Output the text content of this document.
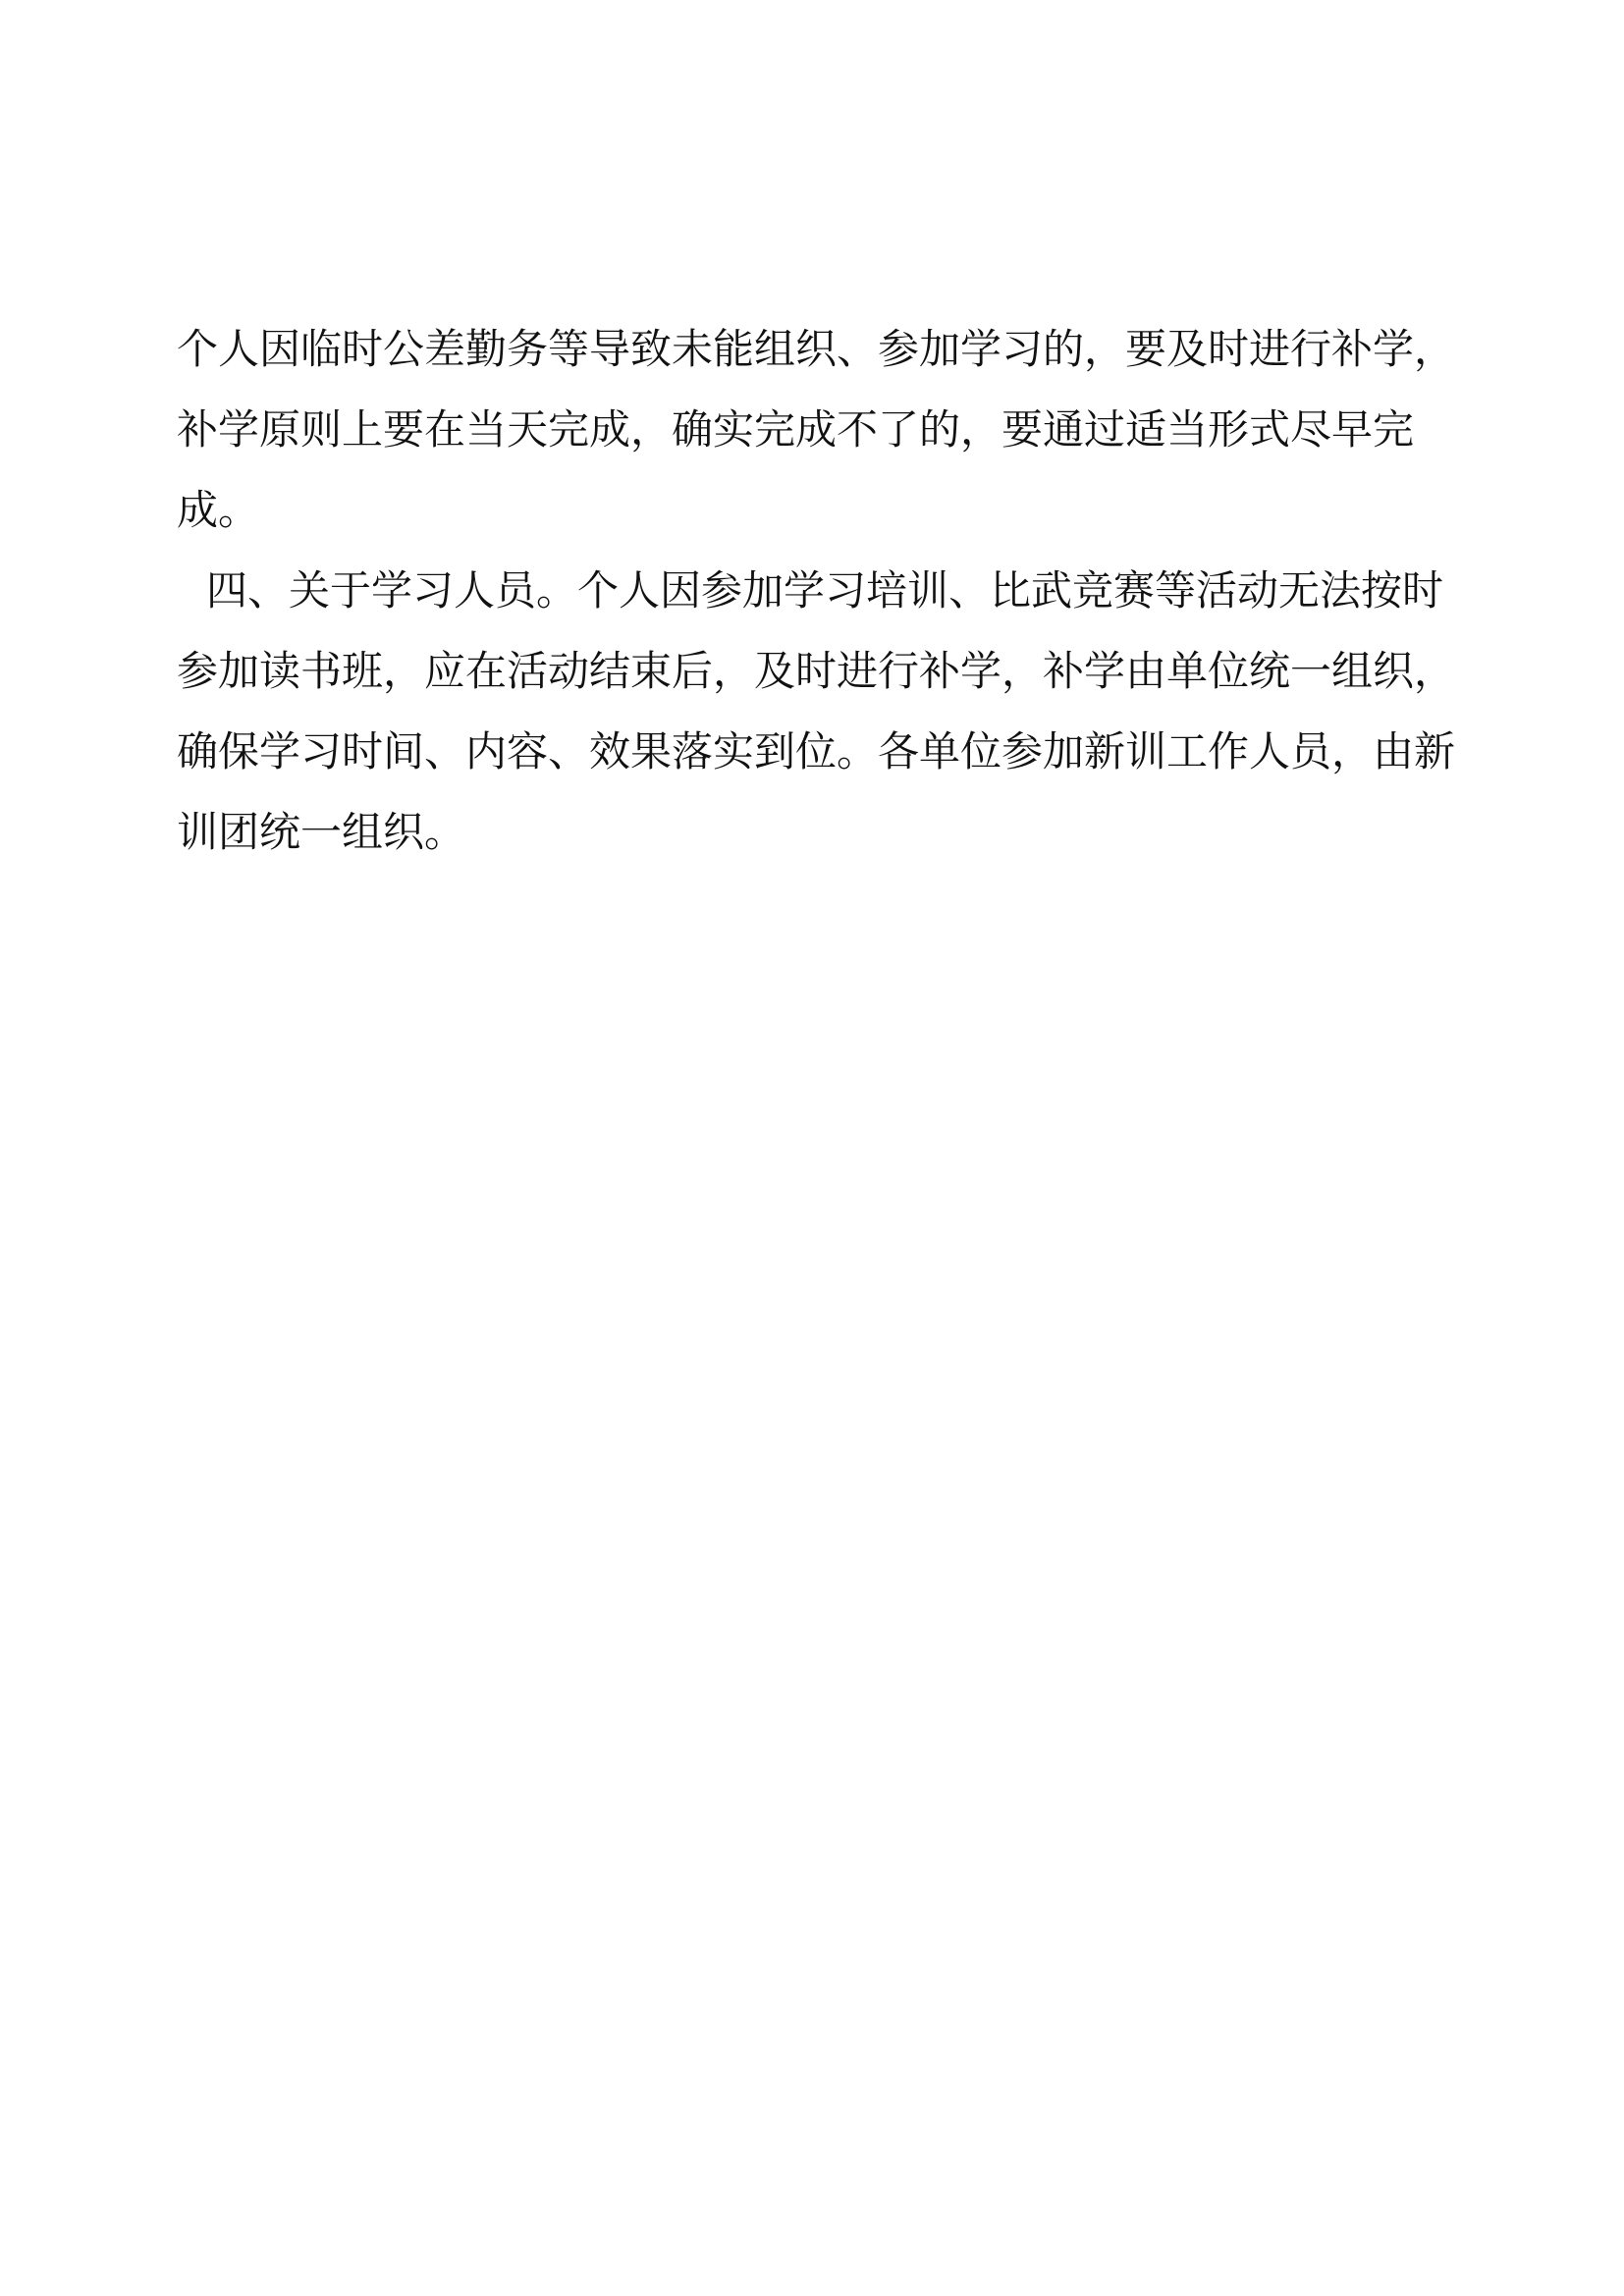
个人因临时公差勤务等导致未能组织、参加学习的，要及时进行补学，
补学原则上要在当天完成，确实完成不了的，要通过适当形式尽早完
成。
四、关于学习人员。个人因参加学习培训、比武竞赛等活动无法按时
参加读书班，应在活动结束后，及时进行补学，补学由单位统一组织，
确保学习时间、内容、效果落实到位。各单位参加新训工作人员，由新
训团统一组织。
